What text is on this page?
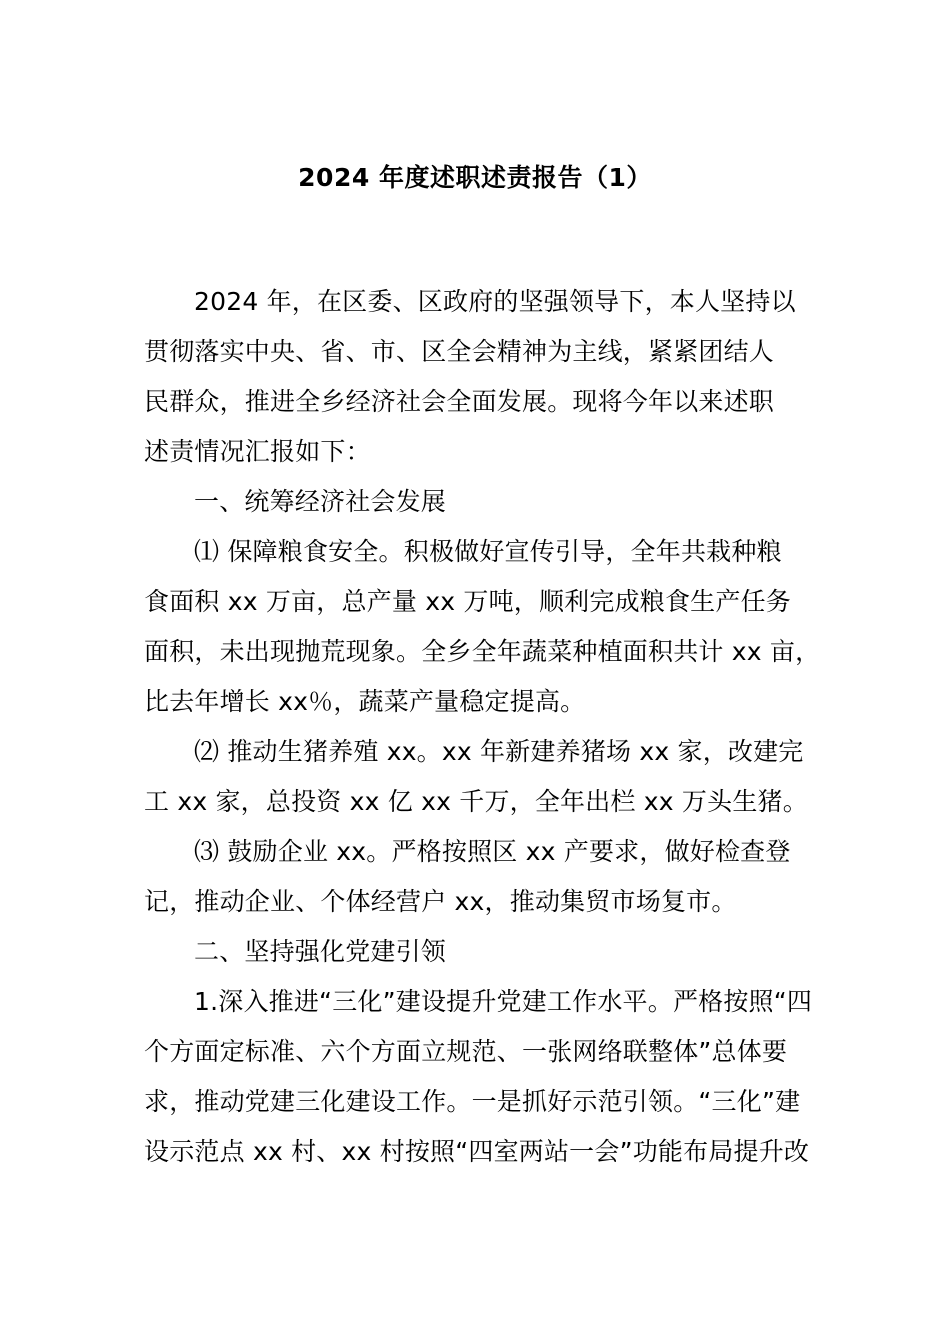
2024 年度述职述责报告（1）
2024 年，在区委、区政府的坚强领导下，本人坚持以
贯彻落实中央、省、市、区全会精神为主线，紧紧团结人
民群众，推进全乡经济社会全面发展。现将今年以来述职
述责情况汇报如下：
一、统筹经济社会发展
⑴ 保障粮食安全。积极做好宣传引导，全年共栽种粮
食面积 xx 万亩，总产量 xx 万吨，顺利完成粮食生产任务
面积，未出现抛荒现象。全乡全年蔬菜种植面积共计 xx 亩，
比去年增长 xx％，蔬菜产量稳定提高。
⑵ 推动生猪养殖 xx。xx 年新建养猪场 xx 家，改建完
工 xx 家，总投资 xx 亿 xx 千万，全年出栏 xx 万头生猪。
⑶ 鼓励企业 xx。严格按照区 xx 产要求，做好检查登
记，推动企业、个体经营户 xx，推动集贸市场复市。
二、坚持强化党建引领
1.深入推进“三化”建设提升党建工作水平。严格按照“四
个方面定标准、六个方面立规范、一张网络联整体”总体要
求，推动党建三化建设工作。一是抓好示范引领。“三化”建
设示范点 xx 村、xx 村按照“四室两站一会”功能布局提升改
